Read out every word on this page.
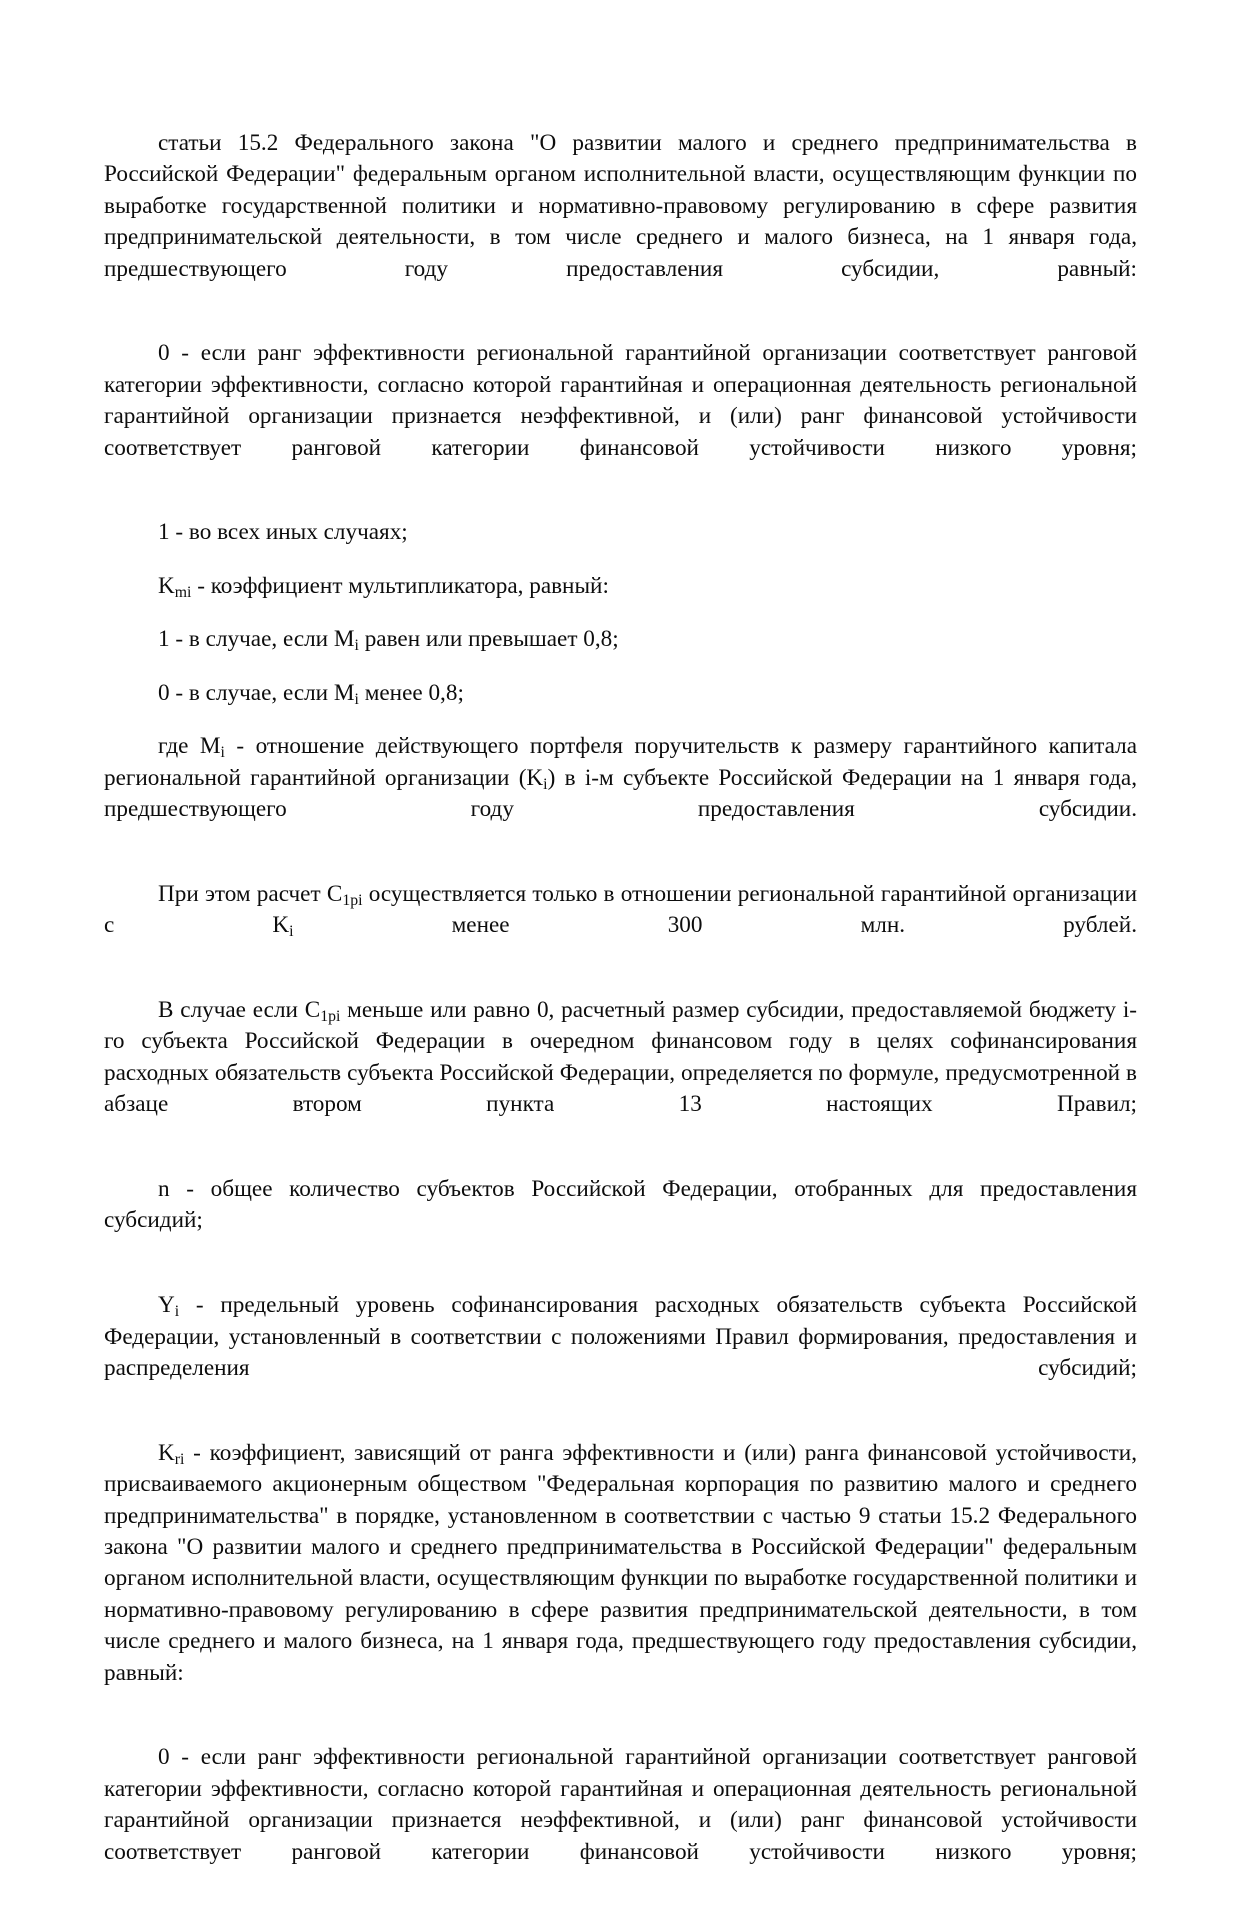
статьи 15.2 Федерального закона "О развитии малого и среднего предпринимательства в Российской Федерации" федеральным органом исполнительной власти, осуществляющим функции по выработке государственной политики и нормативно-правовому регулированию в сфере развития предпринимательской деятельности, в том числе среднего и малого бизнеса, на 1 января года, предшествующего году предоставления субсидии, равный:

0 - если ранг эффективности региональной гарантийной организации соответствует ранговой категории эффективности, согласно которой гарантийная и операционная деятельность региональной гарантийной организации признается неэффективной, и (или) ранг финансовой устойчивости соответствует ранговой категории финансовой устойчивости низкого уровня;

1 - во всех иных случаях;

$K_{mi}$ - коэффициент мультипликатора, равный:

1 - в случае, если $M_i$ равен или превышает 0,8;

0 - в случае, если $M_i$ менее 0,8;

где $M_i$ - отношение действующего портфеля поручительств к размеру гарантийного капитала региональной гарантийной организации $(K_i)$ в i-м субъекте Российской Федерации на 1 января года, предшествующего году предоставления субсидии.

При этом расчет $C_{1pi}$ осуществляется только в отношении региональной гарантийной организации с $K_i$ менее 300 млн. рублей.

В случае если $C_{1pi}$ меньше или равно 0, расчетный размер субсидии, предоставляемой бюджету i-го субъекта Российской Федерации в очередном финансовом году в целях софинансирования расходных обязательств субъекта Российской Федерации, определяется по формуле, предусмотренной в абзаце втором пункта 13 настоящих Правил;

n - общее количество субъектов Российской Федерации, отобранных для предоставления субсидий;

$Y_i$ - предельный уровень софинансирования расходных обязательств субъекта Российской Федерации, установленный в соответствии с положениями Правил формирования, предоставления и распределения субсидий;

$K_{ri}$ - коэффициент, зависящий от ранга эффективности и (или) ранга финансовой устойчивости, присваиваемого акционерным обществом "Федеральная корпорация по развитию малого и среднего предпринимательства" в порядке, установленном в соответствии с частью 9 статьи 15.2 Федерального закона "О развитии малого и среднего предпринимательства в Российской Федерации" федеральным органом исполнительной власти, осуществляющим функции по выработке государственной политики и нормативно-правовому регулированию в сфере развития предпринимательской деятельности, в том числе среднего и малого бизнеса, на 1 января года, предшествующего году предоставления субсидии, равный:

0 - если ранг эффективности региональной гарантийной организации соответствует ранговой категории эффективности, согласно которой гарантийная и операционная деятельность региональной гарантийной организации признается неэффективной, и (или) ранг финансовой устойчивости соответствует ранговой категории финансовой устойчивости низкого уровня;
